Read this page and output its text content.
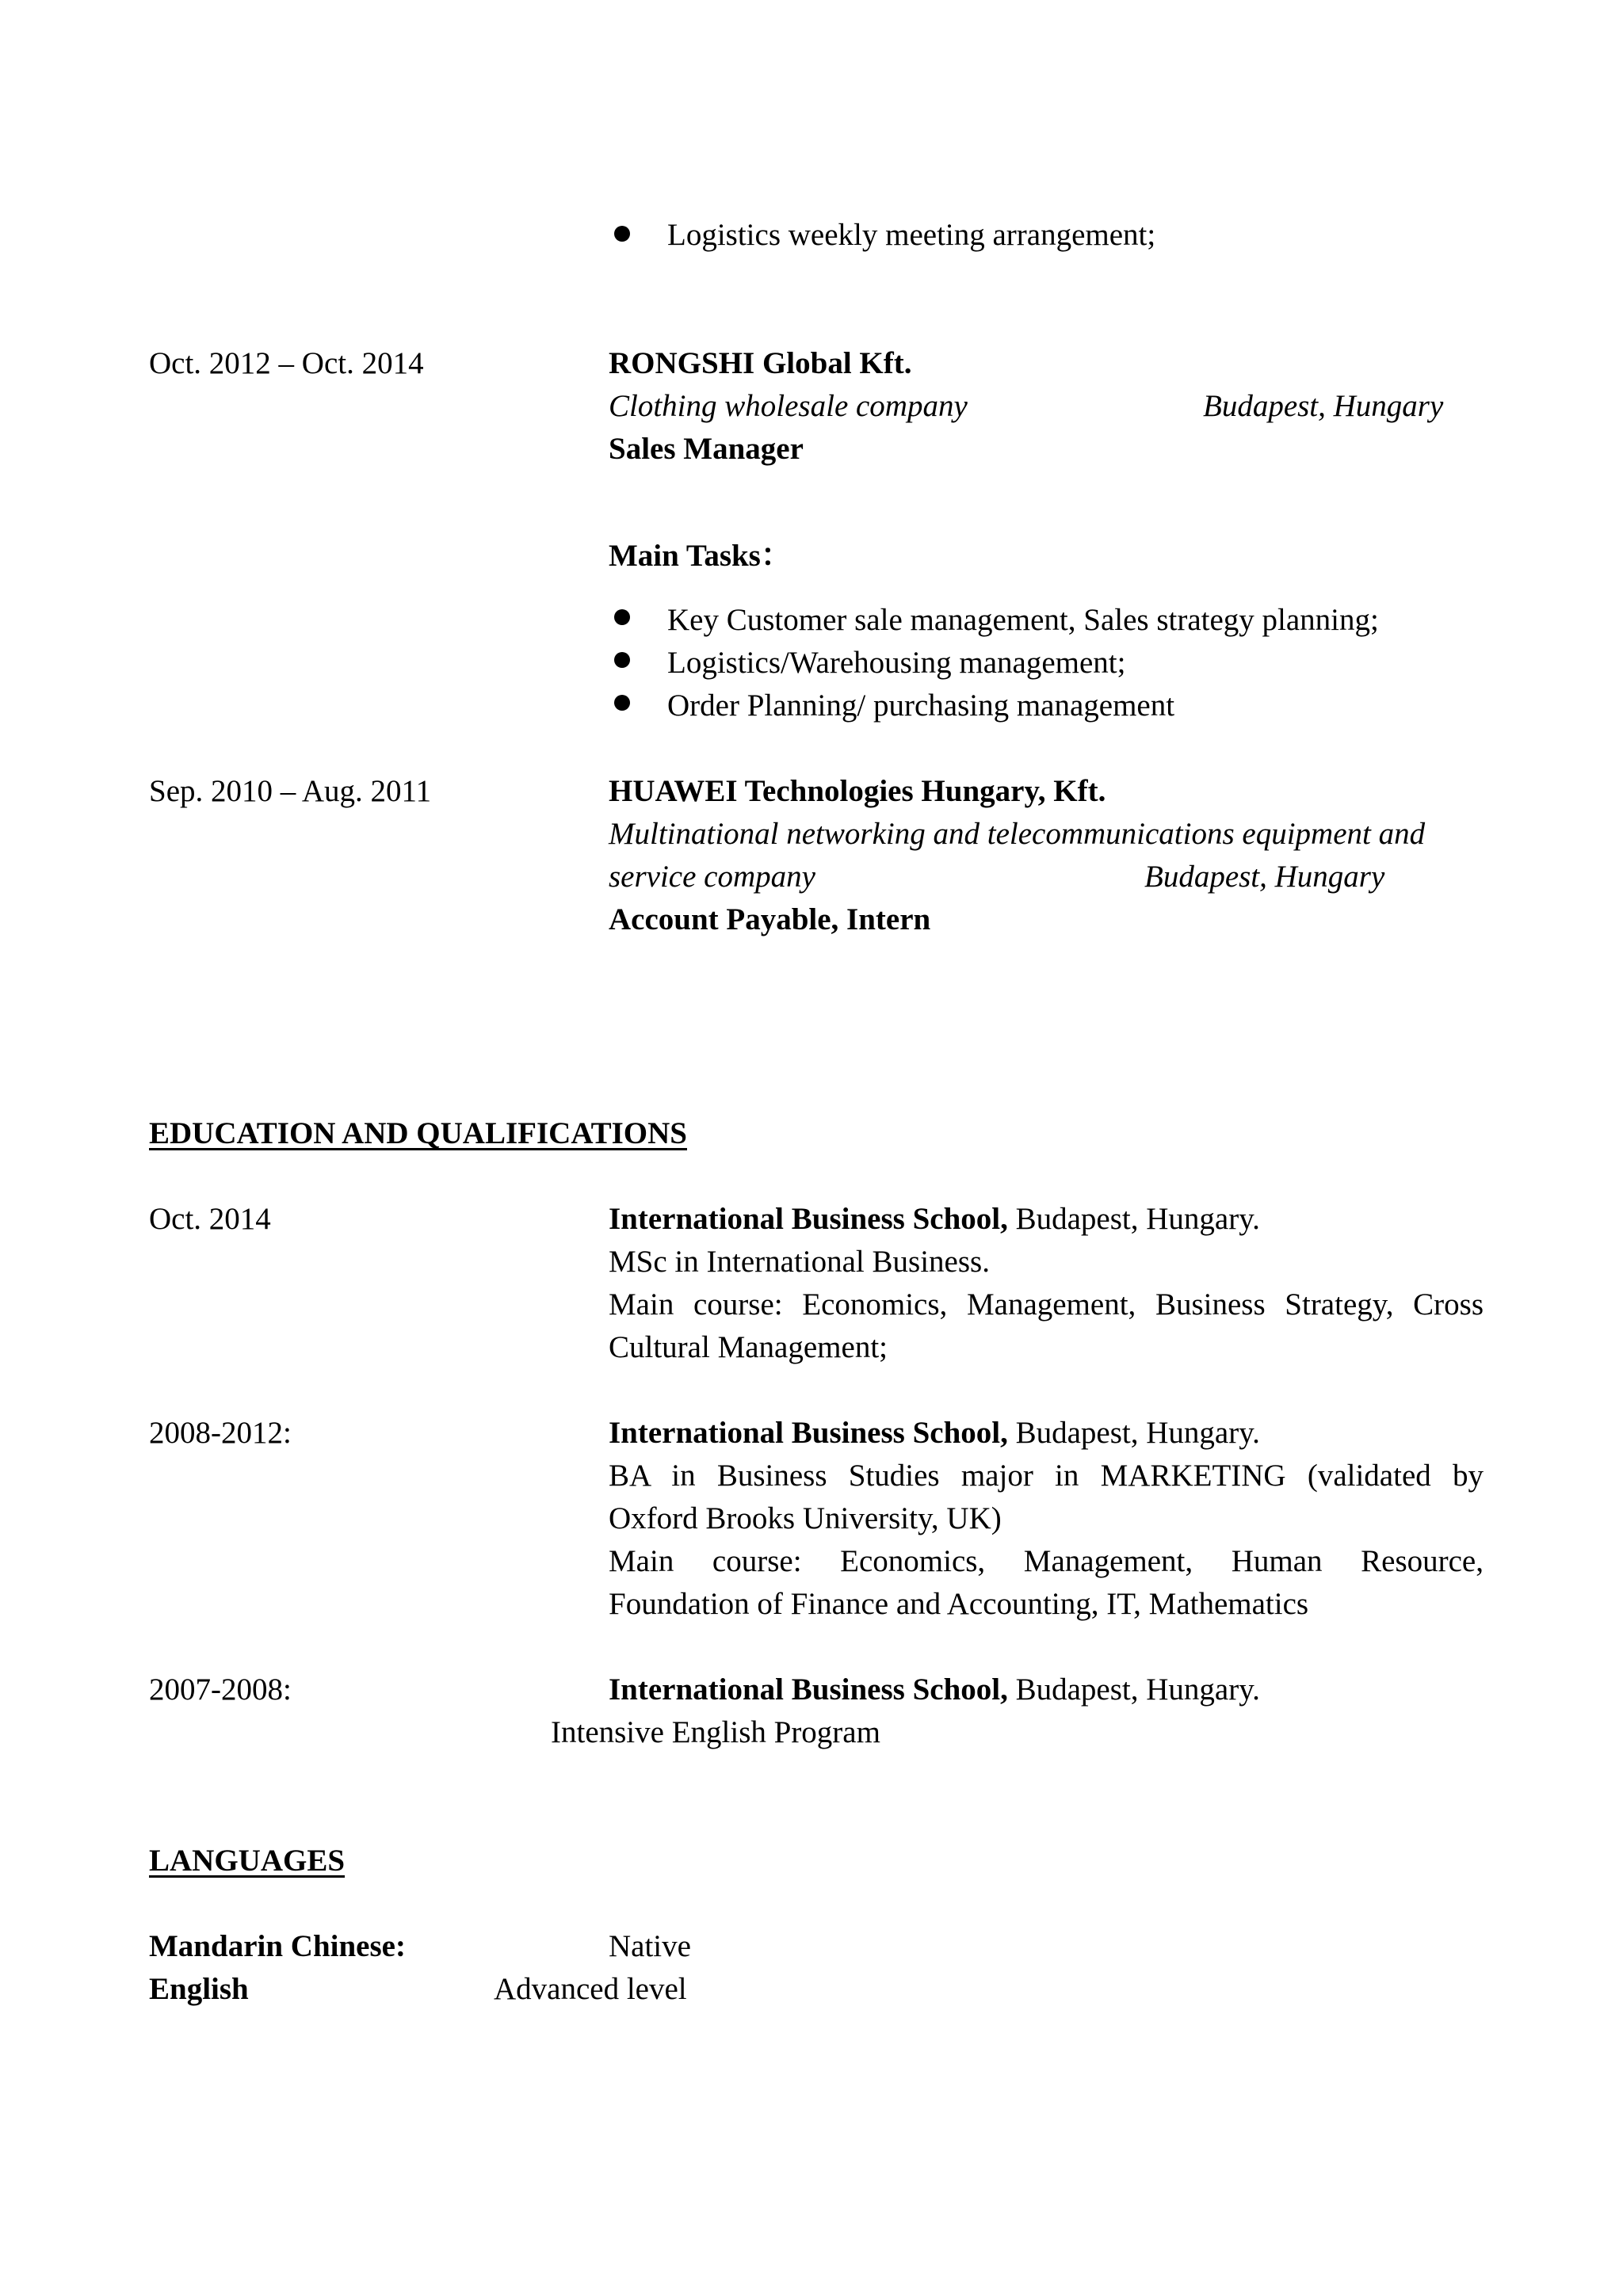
Logistics weekly meeting arrangement;
Oct. 2012 – Oct. 2014	RONGSHI Global Kft.
Clothing wholesale company	Budapest, Hungary
Sales Manager
Main Tasks：
Key Customer sale management, Sales strategy planning;
Logistics/Warehousing management;
Order Planning/ purchasing management
Sep. 2010 – Aug. 2011	HUAWEI Technologies Hungary, Kft.
Multinational networking and telecommunications equipment and
service company	Budapest, Hungary
Account Payable, Intern
EDUCATION AND QUALIFICATIONS
Oct. 2014	International Business School, Budapest, Hungary.
MSc in International Business.
Main course: Economics, Management, Business Strategy, Cross
Cultural Management;
2008-2012:	International Business School, Budapest, Hungary.
BA in Business Studies major in MARKETING (validated by
Oxford Brooks University, UK)
Main course: Economics, Management, Human Resource,
Foundation of Finance and Accounting, IT, Mathematics
2007-2008:	International Business School, Budapest, Hungary.
Intensive English Program
LANGUAGES
Mandarin Chinese:	Native
English	Advanced level
